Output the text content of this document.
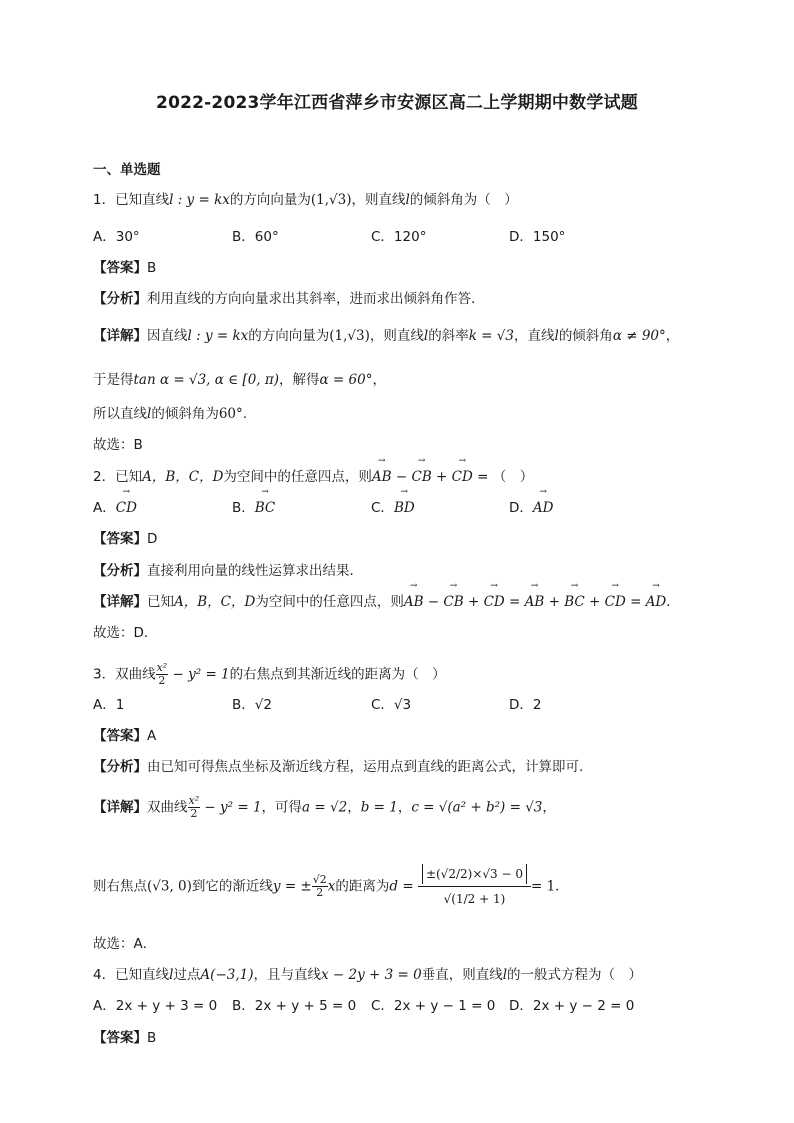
2022-2023学年江西省萍乡市安源区高二上学期期中数学试题
一、单选题
1．已知直线l : y = kx的方向向量为(1,√3)，则直线l的倾斜角为（　）
A．30°	B．60°	C．120°	D．150°
【答案】B
【分析】利用直线的方向向量求出其斜率，进而求出倾斜角作答.
【详解】因直线l : y = kx的方向向量为(1,√3)，则直线l的斜率k = √3，直线l的倾斜角α ≠ 90°，
于是得tan α = √3, α ∈ [0, π)，解得α = 60°，
所以直线l的倾斜角为60°.
故选：B
2．已知A，B，C，D为空间中的任意四点，则→ AB − → CB + → CD = （　）
A．→ CD	B．→ BC	C．→ BD	D．→ AD
【答案】D
【分析】直接利用向量的线性运算求出结果．
【详解】已知A，B，C，D为空间中的任意四点，则→ AB − → CB + → CD = → AB + → BC + → CD = → AD．
故选：D．
3．双曲线 $\frac{\text{x²}}{2} - y^2 = 1$的右焦点到其渐近线的距离为（　）
A．1	B．√2	C．√3	D．2
【答案】A
【分析】由已知可得焦点坐标及渐近线方程，运用点到直线的距离公式，计算即可.
【详解】双曲线 $\frac{\text{x²}}{2} - y^2 = 1$，可得a = √2，b = 1，c = √(a² + b²) = √3，
则右焦点(√3, 0)到它的渐近线y = ± $\frac{√2}{2}$ x的距离为$d = \frac{\pm(√2/2)\times√3 - 0}{√(1/2 + 1)} = 1$．
故选：A．
4．已知直线l过点A(−3,1)，且与直线x − 2y + 3 = 0垂直，则直线l的一般式方程为（　）
A．2x + y + 3 = 0 B．2x + y + 5 = 0 C．2x + y − 1 = 0 D．2x + y − 2 = 0
【答案】B
